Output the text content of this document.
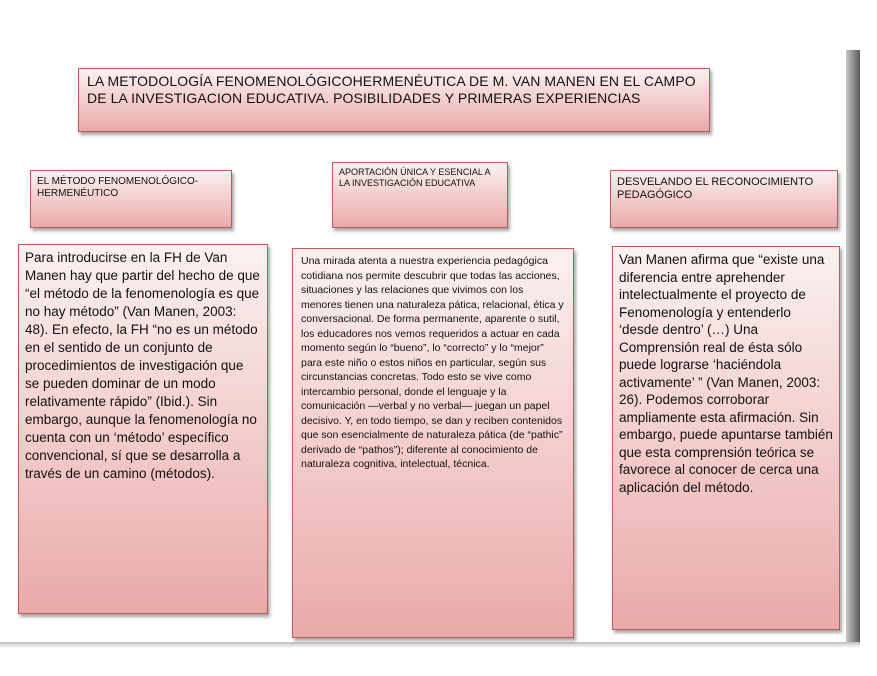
LA METODOLOGÍA FENOMENOLÓGICOHERMENÉUTICA DE M. VAN MANEN EN EL CAMPO DE LA INVESTIGACION EDUCATIVA. POSIBILIDADES Y PRIMERAS EXPERIENCIAS
EL MÉTODO FENOMENOLÓGICO-HERMENÉUTICO
APORTACIÓN ÚNICA Y ESENCIAL A LA INVESTIGACIÓN EDUCATIVA	DESVELANDO EL RECONOCIMIENTO PEDAGÓGICO
Para introducirse en la FH de Van Manen hay que partir del hecho de que “el método de la fenomenología es que no hay método” (Van Manen, 2003: 48). En efecto, la FH “no es un método en el sentido de un conjunto de procedimientos de investigación que se pueden dominar de un modo relativamente rápido” (Ibid.). Sin embargo, aunque la fenomenología no cuenta con un ‘método’ específico convencional, sí que se desarrolla a través de un camino (métodos).
Una mirada atenta a nuestra experiencia pedagógica cotidiana nos permite descubrir que todas las acciones, situaciones y las relaciones que vivimos con los menores tienen una naturaleza pática, relacional, ética y conversacional. De forma permanente, aparente o sutil, los educadores nos vemos requeridos a actuar en cada momento según lo “bueno”, lo “correcto” y lo “mejor” para este niño o estos niños en particular, según sus circunstancias concretas. Todo esto se vive como intercambio personal, donde el lenguaje y la comunicación —verbal y no verbal— juegan un papel decisivo. Y, en todo tiempo, se dan y reciben contenidos que son esencialmente de naturaleza pática (de “pathic” derivado de “pathos”); diferente al conocimiento de naturaleza cognitiva, intelectual, técnica.
Van Manen afirma que “existe una diferencia entre aprehender intelectualmente el proyecto de Fenomenología y entenderlo ‘desde dentro’ (…) Una Comprensión real de ésta sólo puede lograrse ‘haciéndola activamente’ ” (Van Manen, 2003: 26). Podemos corroborar ampliamente esta afirmación. Sin embargo, puede apuntarse también que esta comprensión teórica se favorece al conocer de cerca una aplicación del método.
